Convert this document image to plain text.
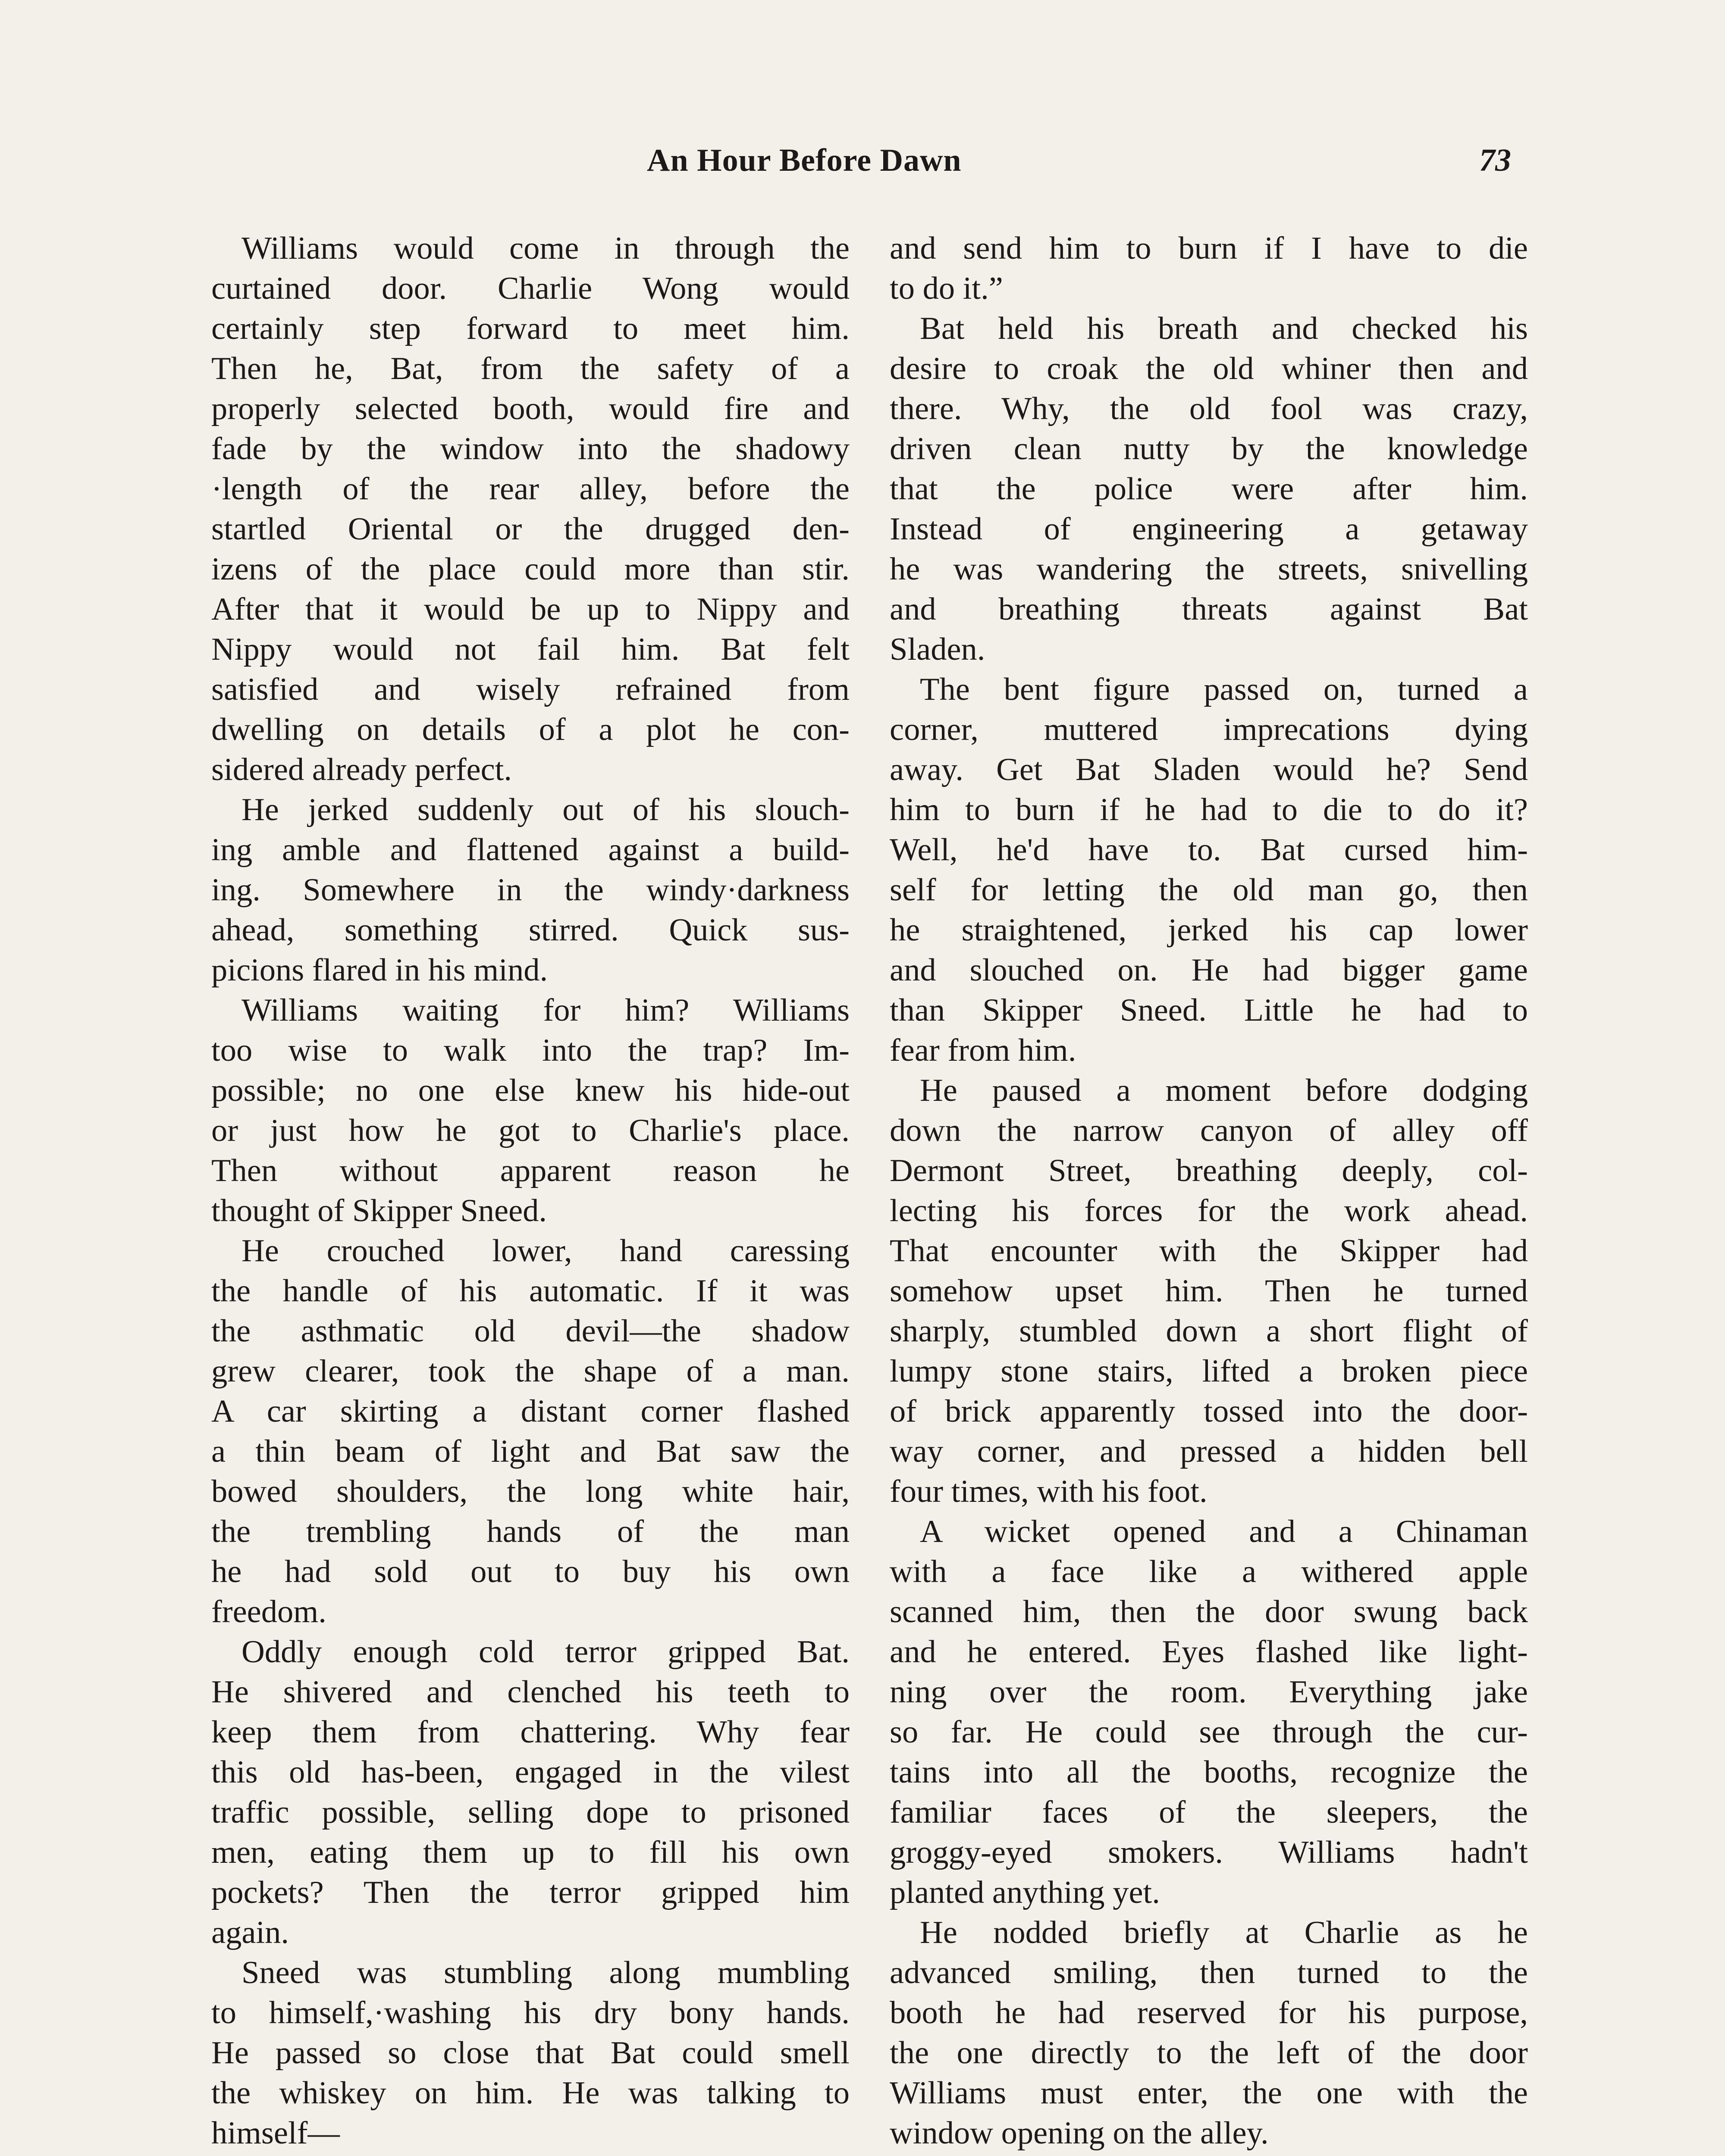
An Hour Before Dawn	73
Williams would come in through the
curtained door. Charlie Wong would
certainly step forward to meet him.
Then he, Bat, from the safety of a
properly selected booth, would fire and
fade by the window into the shadowy
·length of the rear alley, before the
startled Oriental or the drugged den-
izens of the place could more than stir.
After that it would be up to Nippy and
Nippy would not fail him. Bat felt
satisfied and wisely refrained from
dwelling on details of a plot he con-
sidered already perfect.
He jerked suddenly out of his slouch-
ing amble and flattened against a build-
ing. Somewhere in the windy·darkness
ahead, something stirred. Quick sus-
picions flared in his mind.
Williams waiting for him? Williams
too wise to walk into the trap? Im-
possible; no one else knew his hide-out
or just how he got to Charlie's place.
Then without apparent reason he
thought of Skipper Sneed.
He crouched lower, hand caressing
the handle of his automatic. If it was
the asthmatic old devil—the shadow
grew clearer, took the shape of a man.
A car skirting a distant corner flashed
a thin beam of light and Bat saw the
bowed shoulders, the long white hair,
the trembling hands of the man
he had sold out to buy his own
freedom.
Oddly enough cold terror gripped Bat.
He shivered and clenched his teeth to
keep them from chattering. Why fear
this old has-been, engaged in the vilest
traffic possible, selling dope to prisoned
men, eating them up to fill his own
pockets? Then the terror gripped him
again.
Sneed was stumbling along mumbling
to himself,·washing his dry bony hands.
He passed so close that Bat could smell
the whiskey on him. He was talking to
himself—
and send him to burn if I have to die
to do it.”
Bat held his breath and checked his
desire to croak the old whiner then and
there. Why, the old fool was crazy,
driven clean nutty by the knowledge
that the police were after him.
Instead of engineering a getaway
he was wandering the streets, snivelling
and breathing threats against Bat
Sladen.
The bent figure passed on, turned a
corner, muttered imprecations dying
away. Get Bat Sladen would he? Send
him to burn if he had to die to do it?
Well, he'd have to. Bat cursed him-
self for letting the old man go, then
he straightened, jerked his cap lower
and slouched on. He had bigger game
than Skipper Sneed. Little he had to
fear from him.
He paused a moment before dodging
down the narrow canyon of alley off
Dermont Street, breathing deeply, col-
lecting his forces for the work ahead.
That encounter with the Skipper had
somehow upset him. Then he turned
sharply, stumbled down a short flight of
lumpy stone stairs, lifted a broken piece
of brick apparently tossed into the door-
way corner, and pressed a hidden bell
four times, with his foot.
A wicket opened and a Chinaman
with a face like a withered apple
scanned him, then the door swung back
and he entered. Eyes flashed like light-
ning over the room. Everything jake
so far. He could see through the cur-
tains into all the booths, recognize the
familiar faces of the sleepers, the
groggy-eyed smokers. Williams hadn't
planted anything yet.
He nodded briefly at Charlie as he
advanced smiling, then turned to the
booth he had reserved for his purpose,
the one directly to the left of the door
Williams must enter, the one with the
window opening on the alley.
